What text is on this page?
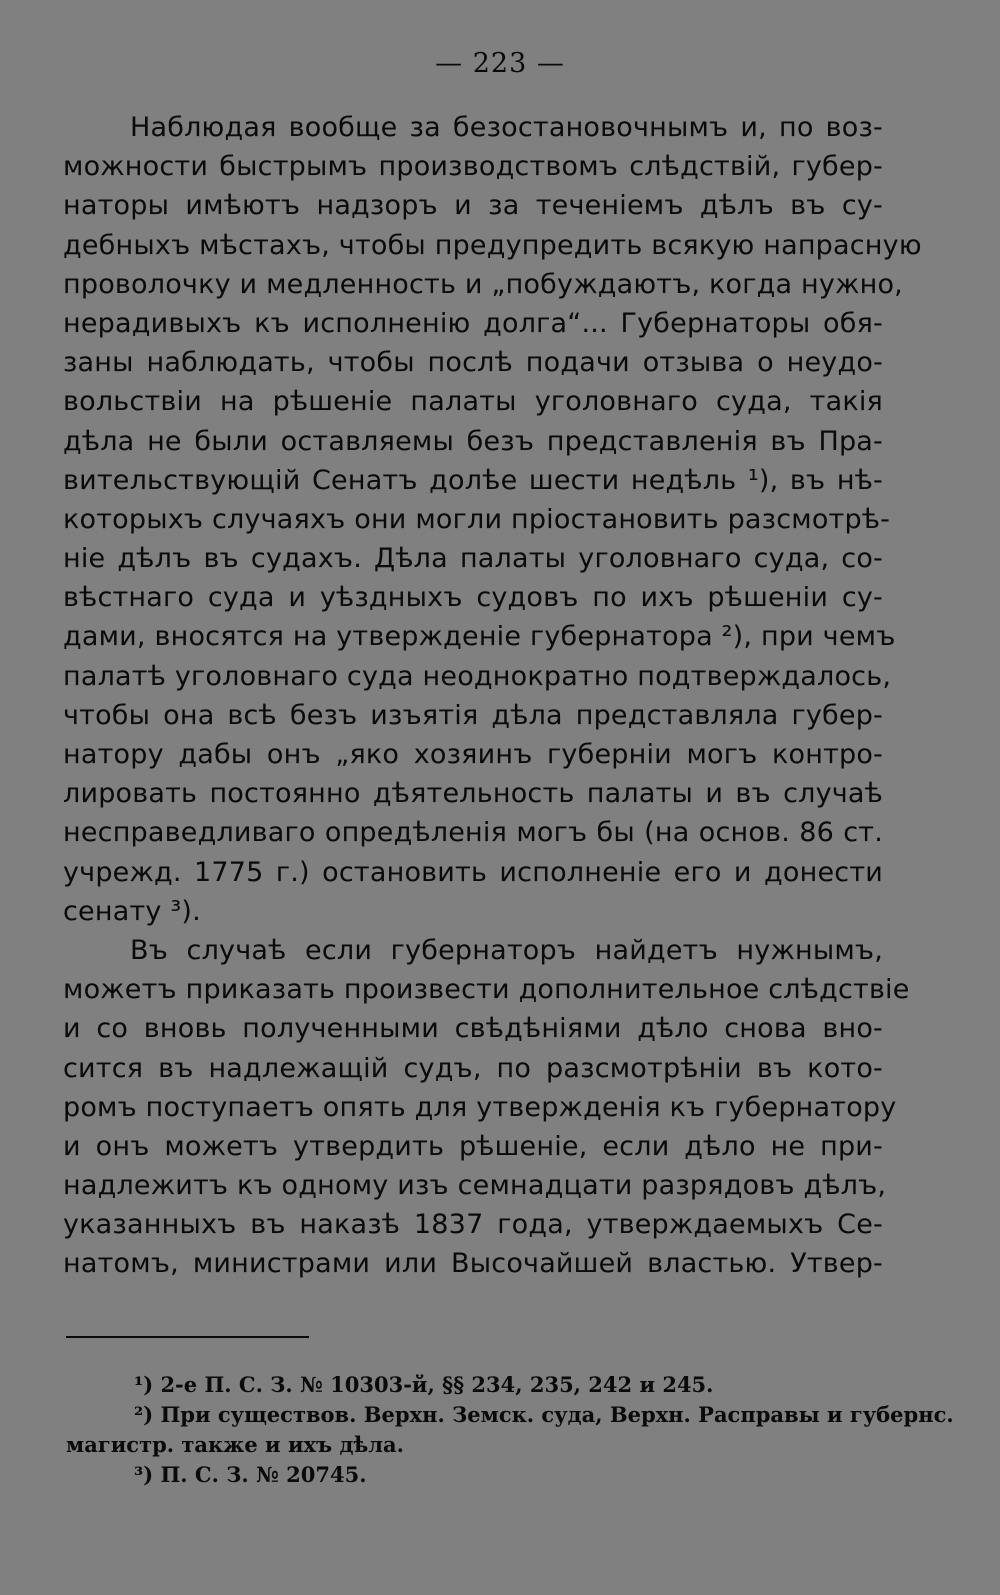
— 223 —
Наблюдая вообще за безостановочнымъ и, по воз-
можности быстрымъ производствомъ слѣдствій, губер-
наторы имѣютъ надзоръ и за теченіемъ дѣлъ въ су-
дебныхъ мѣстахъ, чтобы предупредить всякую напрасную
проволочку и медленность и „побуждаютъ, когда нужно,
нерадивыхъ къ исполненію долга“... Губернаторы обя-
заны наблюдать, чтобы послѣ подачи отзыва о неудо-
вольствіи на рѣшеніе палаты уголовнаго суда, такія
дѣла не были оставляемы безъ представленія въ Пра-
вительствующій Сенатъ долѣе шести недѣль ¹), въ нѣ-
которыхъ случаяхъ они могли пріостановить разсмотрѣ-
ніе дѣлъ въ судахъ. Дѣла палаты уголовнаго суда, со-
вѣстнаго суда и уѣздныхъ судовъ по ихъ рѣшеніи су-
дами, вносятся на утвержденіе губернатора ²), при чемъ
палатѣ уголовнаго суда неоднократно подтверждалось,
чтобы она всѣ безъ изъятія дѣла представляла губер-
натору дабы онъ „яко хозяинъ губерніи могъ контро-
лировать постоянно дѣятельность палаты и въ случаѣ
несправедливаго опредѣленія могъ бы (на основ. 86 ст.
учрежд. 1775 г.) остановить исполненіе его и донести
сенату ³).
Въ случаѣ если губернаторъ найдетъ нужнымъ,
можетъ приказать произвести дополнительное слѣдствіе
и со вновь полученными свѣдѣніями дѣло снова вно-
сится въ надлежащій судъ, по разсмотрѣніи въ кото-
ромъ поступаетъ опять для утвержденія къ губернатору
и онъ можетъ утвердить рѣшеніе, если дѣло не при-
надлежитъ къ одному изъ семнадцати разрядовъ дѣлъ,
указанныхъ въ наказѣ 1837 года, утверждаемыхъ Се-
натомъ, министрами или Высочайшей властью. Утвер-
¹) 2-е П. С. З. № 10303-й, §§ 234, 235, 242 и 245.
²) При существов. Верхн. Земск. суда, Верхн. Расправы и губернс.
магистр. также и ихъ дѣла.
³) П. С. З. № 20745.
